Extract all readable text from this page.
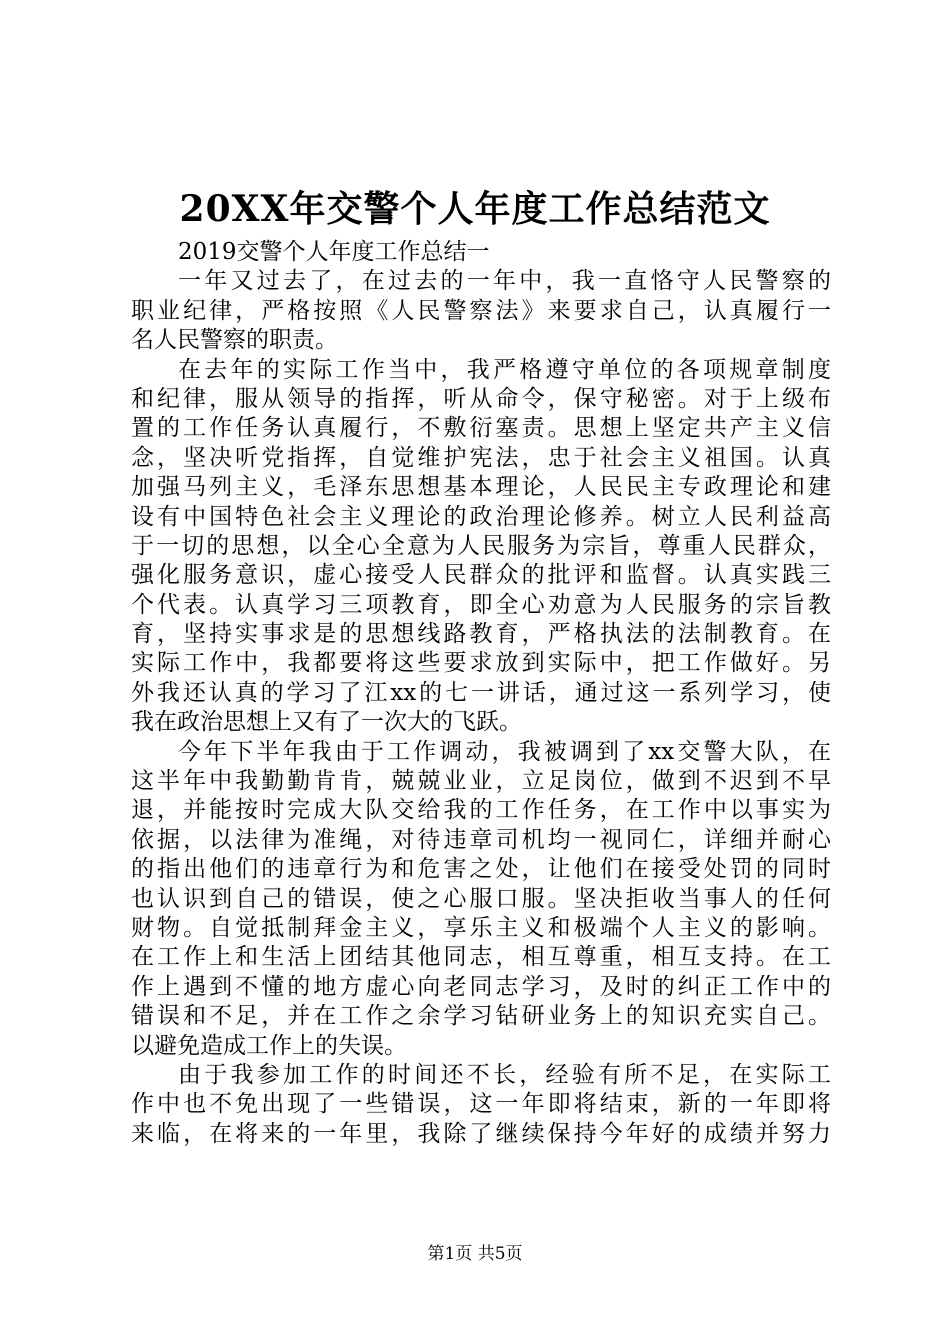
20XX年交警个人年度工作总结范文
2019交警个人年度工作总结一
一年又过去了，在过去的一年中，我一直恪守人民警察的
职业纪律，严格按照《人民警察法》来要求自己，认真履行一
名人民警察的职责。
在去年的实际工作当中，我严格遵守单位的各项规章制度
和纪律，服从领导的指挥，听从命令，保守秘密。对于上级布
置的工作任务认真履行，不敷衍塞责。思想上坚定共产主义信
念，坚决听党指挥，自觉维护宪法，忠于社会主义祖国。认真
加强马列主义，毛泽东思想基本理论，人民民主专政理论和建
设有中国特色社会主义理论的政治理论修养。树立人民利益高
于一切的思想，以全心全意为人民服务为宗旨，尊重人民群众，
强化服务意识，虚心接受人民群众的批评和监督。认真实践三
个代表。认真学习三项教育，即全心劝意为人民服务的宗旨教
育，坚持实事求是的思想线路教育，严格执法的法制教育。在
实际工作中，我都要将这些要求放到实际中，把工作做好。另
外我还认真的学习了江xx的七一讲话，通过这一系列学习，使
我在政治思想上又有了一次大的飞跃。
今年下半年我由于工作调动，我被调到了xx交警大队，在
这半年中我勤勤肯肯，兢兢业业，立足岗位，做到不迟到不早
退，并能按时完成大队交给我的工作任务，在工作中以事实为
依据，以法律为准绳，对待违章司机均一视同仁，详细并耐心
的指出他们的违章行为和危害之处，让他们在接受处罚的同时
也认识到自己的错误，使之心服口服。坚决拒收当事人的任何
财物。自觉抵制拜金主义，享乐主义和极端个人主义的影响。
在工作上和生活上团结其他同志，相互尊重，相互支持。在工
作上遇到不懂的地方虚心向老同志学习，及时的纠正工作中的
错误和不足，并在工作之余学习钻研业务上的知识充实自己。
以避免造成工作上的失误。
由于我参加工作的时间还不长，经验有所不足，在实际工
作中也不免出现了一些错误，这一年即将结束，新的一年即将
来临，在将来的一年里，我除了继续保持今年好的成绩并努力
第1页 共5页
